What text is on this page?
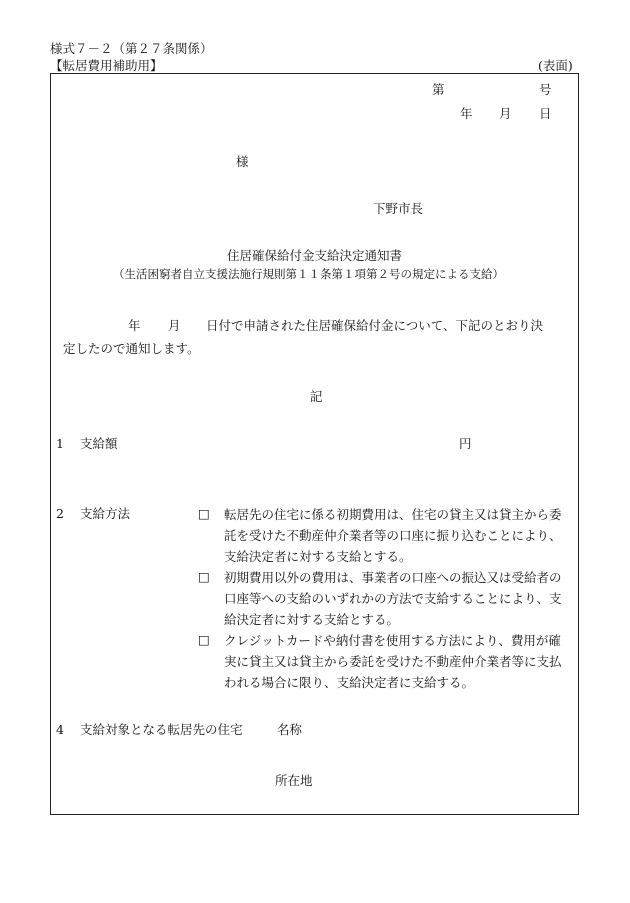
様式７－２（第２７条関係）
【転居費用補助用】	(表面)
第	号
年 月 日
様
下野市長
住居確保給付金支給決定通知書
（生活困窮者自立支援法施行規則第１１条第１項第２号の規定による支給）
年 月 日付で申請された住居確保給付金について、下記のとおり決
定したので通知します。
記
1 支給額	円
2 支給方法	□ 転居先の住宅に係る初期費用は、住宅の貸主又は貸主から委
託を受けた不動産仲介業者等の口座に振り込むことにより、
支給決定者に対する支給とする。
□ 初期費用以外の費用は、事業者の口座への振込又は受給者の
口座等への支給のいずれかの方法で支給することにより、支
給決定者に対する支給とする。
□ クレジットカードや納付書を使用する方法により、費用が確
実に貸主又は貸主から委託を受けた不動産仲介業者等に支払
われる場合に限り、支給決定者に支給する。
4 支給対象となる転居先の住宅	名称
所在地
